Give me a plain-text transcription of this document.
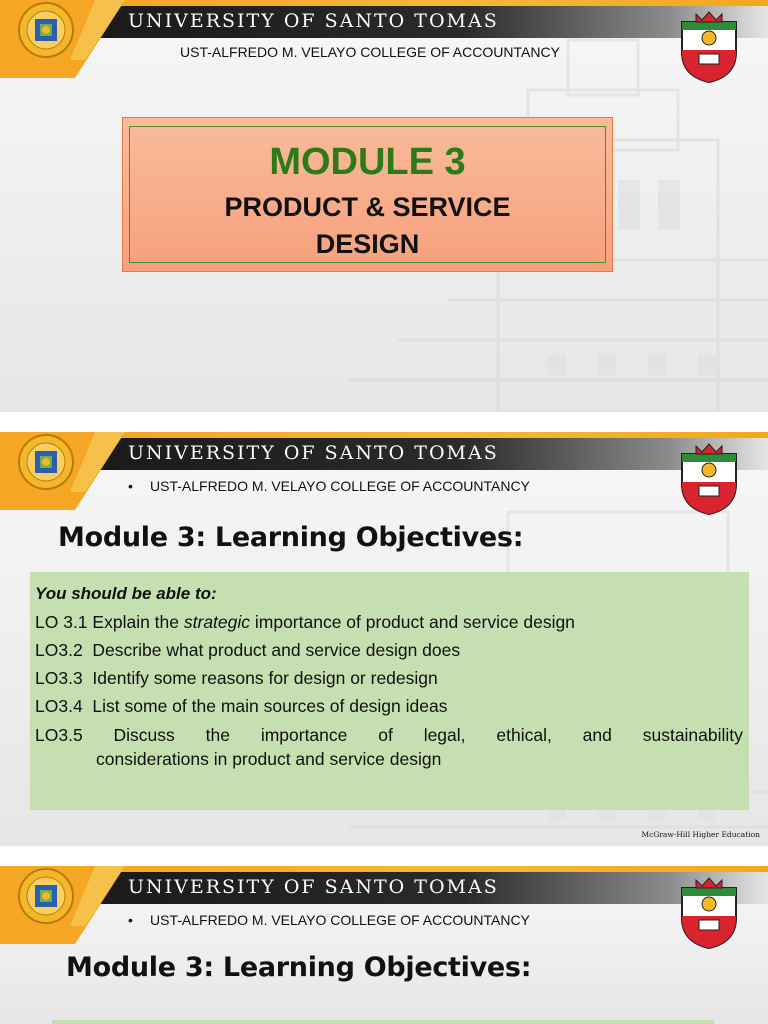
UNIVERSITY OF SANTO TOMAS
UST-ALFREDO M. VELAYO COLLEGE OF ACCOUNTANCY
MODULE 3
PRODUCT & SERVICE
DESIGN
UNIVERSITY OF SANTO TOMAS
• UST-ALFREDO M. VELAYO COLLEGE OF ACCOUNTANCY
Module 3: Learning Objectives:
You should be able to:
LO 3.1 Explain the strategic importance of product and service design
LO3.2 Describe what product and service design does
LO3.3 Identify some reasons for design or redesign
LO3.4 List some of the main sources of design ideas
LO3.5 Discuss the importance of legal, ethical, and sustainability
considerations in product and service design
McGraw-Hill Higher Education
UNIVERSITY OF SANTO TOMAS
• UST-ALFREDO M. VELAYO COLLEGE OF ACCOUNTANCY
Module 3: Learning Objectives:
